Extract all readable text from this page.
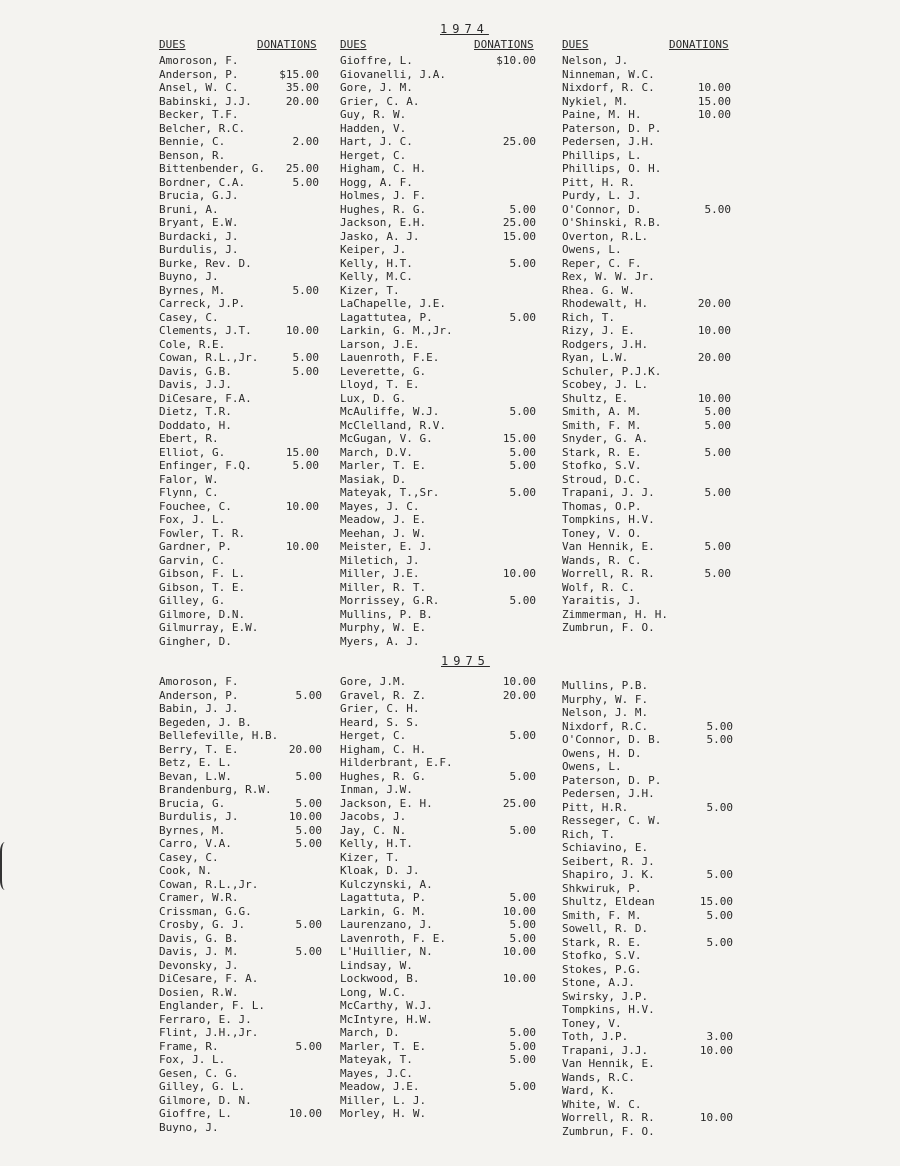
1974
DUES	DONATIONS DUES	DONATIONS	DUES	DONATIONS
Amoroson, F.
Anderson, P.	$15.00
Ansel, W. C.	35.00
Babinski, J.J.	20.00
Becker, T.F.
Belcher, R.C.
Bennie, C.	2.00
Benson, R.
Bittenbender, G. 25.00
Bordner, C.A.	5.00
Brucia, G.J.
Bruni, A.
Bryant, E.W.
Burdacki, J.
Burdulis, J.
Burke, Rev. D.
Buyno, J.
Byrnes, M.	5.00
Carreck, J.P.
Casey, C.
Clements, J.T.	10.00
Cole, R.E.
Cowan, R.L.,Jr.	5.00
Davis, G.B.	5.00
Davis, J.J.
DiCesare, F.A.
Dietz, T.R.
Doddato, H.
Ebert, R.
Elliot, G.	15.00
Enfinger, F.Q.	5.00
Falor, W.
Flynn, C.
Fouchee, C.	10.00
Fox, J. L.
Fowler, T. R.
Gardner, P.	10.00
Garvin, C.
Gibson, F. L.
Gibson, T. E.
Gilley, G.
Gilmore, D.N.
Gilmurray, E.W.
Gingher, D.
Gioffre, L.	$10.00
Giovanelli, J.A.
Gore, J. M.
Grier, C. A.
Guy, R. W.
Hadden, V.
Hart, J. C.	25.00
Herget, C.
Higham, C. H.
Hogg, A. F.
Holmes, J. F.
Hughes, R. G.	5.00
Jackson, E.H.	25.00
Jasko, A. J.	15.00
Keiper, J.
Kelly, H.T.	5.00
Kelly, M.C.
Kizer, T.
LaChapelle, J.E.
Lagattutea, P.	5.00
Larkin, G. M.,Jr.
Larson, J.E.
Lauenroth, F.E.
Leverette, G.
Lloyd, T. E.
Lux, D. G.
McAuliffe, W.J.	5.00
McClelland, R.V.
McGugan, V. G.	15.00
March, D.V.	5.00
Marler, T. E.	5.00
Masiak, D.
Mateyak, T.,Sr.	5.00
Mayes, J. C.
Meadow, J. E.
Meehan, J. W.
Meister, E. J.
Miletich, J.
Miller, J.E.	10.00
Miller, R. T.
Morrissey, G.R.	5.00
Mullins, P. B.
Murphy, W. E.
Myers, A. J.
Nelson, J.
Ninneman, W.C.
Nixdorf, R. C.	10.00
Nykiel, M.	15.00
Paine, M. H.	10.00
Paterson, D. P.
Pedersen, J.H.
Phillips, L.
Phillips, O. H.
Pitt, H. R.
Purdy, L. J.
O'Connor, D.	5.00
O'Shinski, R.B.
Overton, R.L.
Owens, L.
Reper, C. F.
Rex, W. W. Jr.
Rhea. G. W.
Rhodewalt, H.	20.00
Rich, T.
Rizy, J. E.	10.00
Rodgers, J.H.
Ryan, L.W.	20.00
Schuler, P.J.K.
Scobey, J. L.
Shultz, E.	10.00
Smith, A. M.	5.00
Smith, F. M.	5.00
Snyder, G. A.
Stark, R. E.	5.00
Stofko, S.V.
Stroud, D.C.
Trapani, J. J.	5.00
Thomas, O.P.
Tompkins, H.V.
Toney, V. O.
Van Hennik, E.	5.00
Wands, R. C.
Worrell, R. R.	5.00
Wolf, R. C.
Yaraitis, J.
Zimmerman, H. H.
Zumbrun, F. O.
1975
Amoroson, F.
Anderson, P.	5.00
Babin, J. J.
Begeden, J. B.
Bellefeville, H.B.
Berry, T. E.	20.00
Betz, E. L.
Bevan, L.W.	5.00
Brandenburg, R.W.
Brucia, G.	5.00
Burdulis, J.	10.00
Byrnes, M.	5.00
Carro, V.A.	5.00
Casey, C.
Cook, N.
Cowan, R.L.,Jr.
Cramer, W.R.
Crissman, G.G.
Crosby, G. J.	5.00
Davis, G. B.
Davis, J. M.	5.00
Devonsky, J.
DiCesare, F. A.
Dosien, R.W.
Englander, F. L.
Ferraro, E. J.
Flint, J.H.,Jr.
Frame, R.	5.00
Fox, J. L.
Gesen, C. G.
Gilley, G. L.
Gilmore, D. N.
Gioffre, L.	10.00
Buyno, J.
Gore, J.M.	10.00
Gravel, R. Z.	20.00
Grier, C. H.
Heard, S. S.
Herget, C.	5.00
Higham, C. H.
Hilderbrant, E.F.
Hughes, R. G.	5.00
Inman, J.W.
Jackson, E. H.	25.00
Jacobs, J.
Jay, C. N.	5.00
Kelly, H.T.
Kizer, T.
Kloak, D. J.
Kulczynski, A.
Lagattuta, P.	5.00
Larkin, G. M.	10.00
Laurenzano, J.	5.00
Lavenroth, F. E.	5.00
L'Huillier, N.	10.00
Lindsay, W.
Lockwood, B.	10.00
Long, W.C.
McCarthy, W.J.
McIntyre, H.W.
March, D.	5.00
Marler, T. E.	5.00
Mateyak, T.	5.00
Mayes, J.C.
Meadow, J.E.	5.00
Miller, L. J.
Morley, H. W.
Mullins, P.B.
Murphy, W. F.
Nelson, J. M.
Nixdorf, R.C.	5.00
O'Connor, D. B.	5.00
Owens, H. D.
Owens, L.
Paterson, D. P.
Pedersen, J.H.
Pitt, H.R.	5.00
Resseger, C. W.
Rich, T.
Schiavino, E.
Seibert, R. J.
Shapiro, J. K.	5.00
Shkwiruk, P.
Shultz, Eldean	15.00
Smith, F. M.	5.00
Sowell, R. D.
Stark, R. E.	5.00
Stofko, S.V.
Stokes, P.G.
Stone, A.J.
Swirsky, J.P.
Tompkins, H.V.
Toney, V.
Toth, J.P.	3.00
Trapani, J.J.	10.00
Van Hennik, E.
Wands, R.C.
Ward, K.
White, W. C.
Worrell, R. R.	10.00
Zumbrun, F. O.
